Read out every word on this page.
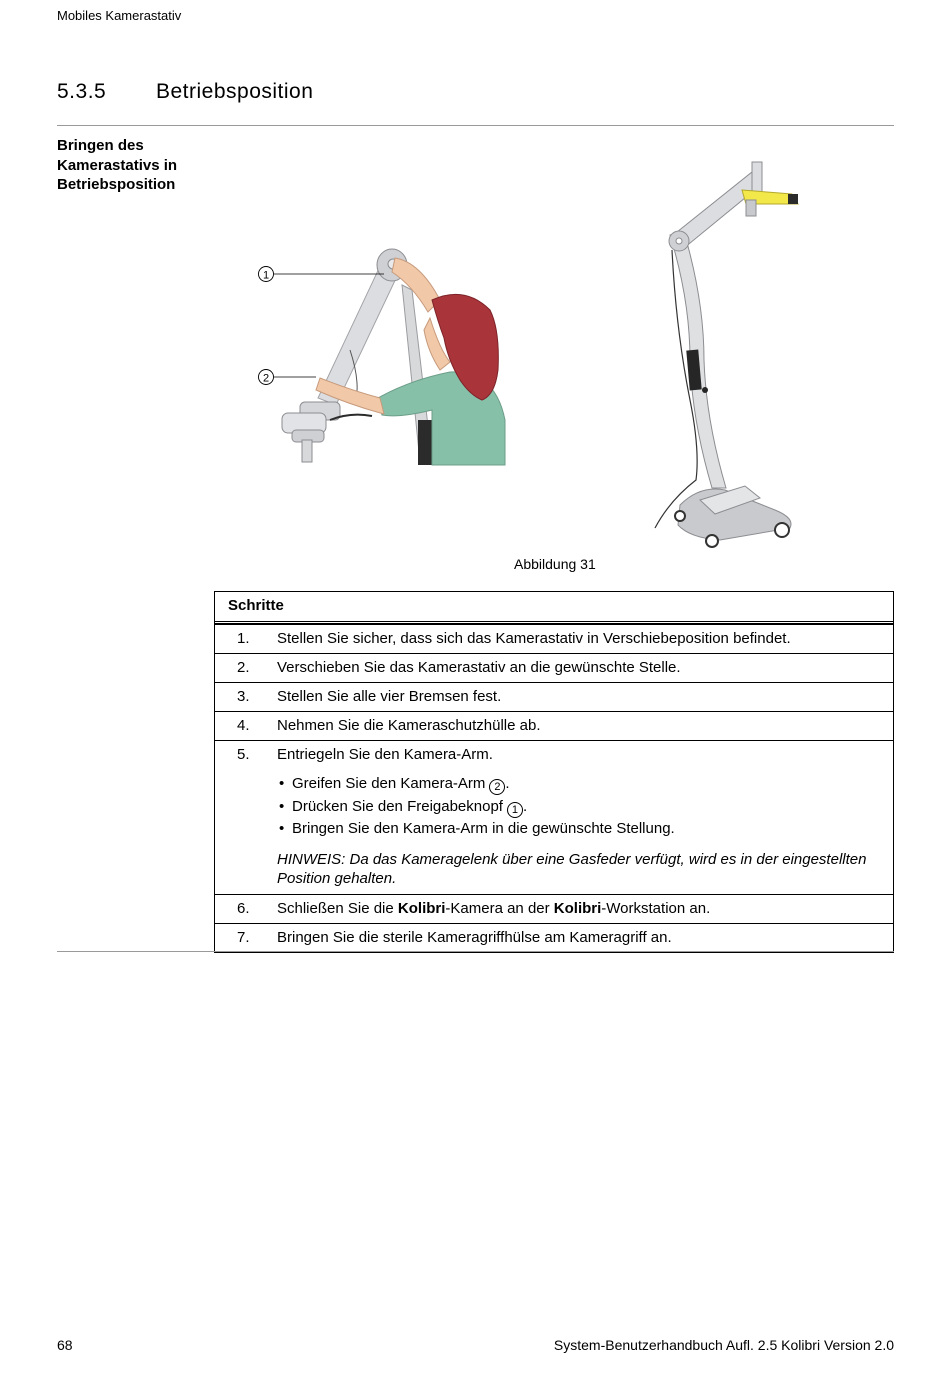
Mobiles Kamerastativ
5.3.5 Betriebsposition
Bringen des Kamerastativs in Betriebsposition
1
2
Abbildung 31
Schritte
1. Stellen Sie sicher, dass sich das Kamerastativ in Verschiebeposition befindet.
2. Verschieben Sie das Kamerastativ an die gewünschte Stelle.
3. Stellen Sie alle vier Bremsen fest.
4. Nehmen Sie die Kameraschutzhülle ab.
5. Entriegeln Sie den Kamera-Arm.
• Greifen Sie den Kamera-Arm 2 .
• Drücken Sie den Freigabeknopf 1 .
• Bringen Sie den Kamera-Arm in die gewünschte Stellung.
HINWEIS: Da das Kameragelenk über eine Gasfeder verfügt, wird es in der eingestellten Position gehalten.
6. Schließen Sie die Kolibri-Kamera an der Kolibri-Workstation an.
7. Bringen Sie die sterile Kameragriffhülse am Kameragriff an.
68	System-Benutzerhandbuch Aufl. 2.5 Kolibri Version 2.0
